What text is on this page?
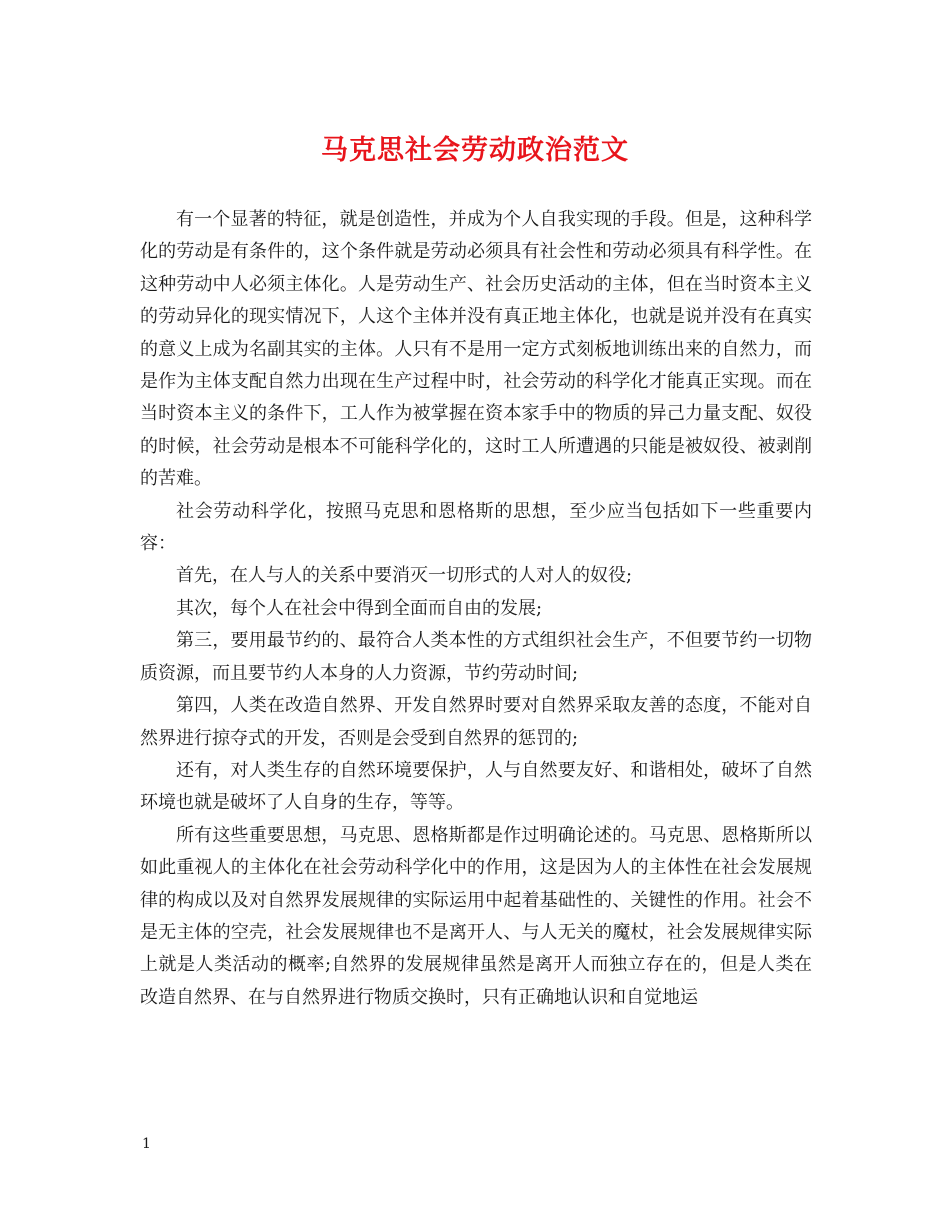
马克思社会劳动政治范文

有一个显著的特征，就是创造性，并成为个人自我实现的手段。但是，这种科学化的劳动是有条件的，这个条件就是劳动必须具有社会性和劳动必须具有科学性。在这种劳动中人必须主体化。人是劳动生产、社会历史活动的主体，但在当时资本主义的劳动异化的现实情况下，人这个主体并没有真正地主体化，也就是说并没有在真实的意义上成为名副其实的主体。人只有不是用一定方式刻板地训练出来的自然力，而是作为主体支配自然力出现在生产过程中时，社会劳动的科学化才能真正实现。而在当时资本主义的条件下，工人作为被掌握在资本家手中的物质的异己力量支配、奴役的时候，社会劳动是根本不可能科学化的，这时工人所遭遇的只能是被奴役、被剥削的苦难。

社会劳动科学化，按照马克思和恩格斯的思想，至少应当包括如下一些重要内容：

首先，在人与人的关系中要消灭一切形式的人对人的奴役;

其次，每个人在社会中得到全面而自由的发展;

第三，要用最节约的、最符合人类本性的方式组织社会生产，不但要节约一切物质资源，而且要节约人本身的人力资源，节约劳动时间;

第四，人类在改造自然界、开发自然界时要对自然界采取友善的态度，不能对自然界进行掠夺式的开发，否则是会受到自然界的惩罚的;

还有，对人类生存的自然环境要保护，人与自然要友好、和谐相处，破坏了自然环境也就是破坏了人自身的生存，等等。

所有这些重要思想，马克思、恩格斯都是作过明确论述的。马克思、恩格斯所以如此重视人的主体化在社会劳动科学化中的作用，这是因为人的主体性在社会发展规律的构成以及对自然界发展规律的实际运用中起着基础性的、关键性的作用。社会不是无主体的空壳，社会发展规律也不是离开人、与人无关的魔杖，社会发展规律实际上就是人类活动的概率;自然界的发展规律虽然是离开人而独立存在的，但是人类在改造自然界、在与自然界进行物质交换时，只有正确地认识和自觉地运

1
